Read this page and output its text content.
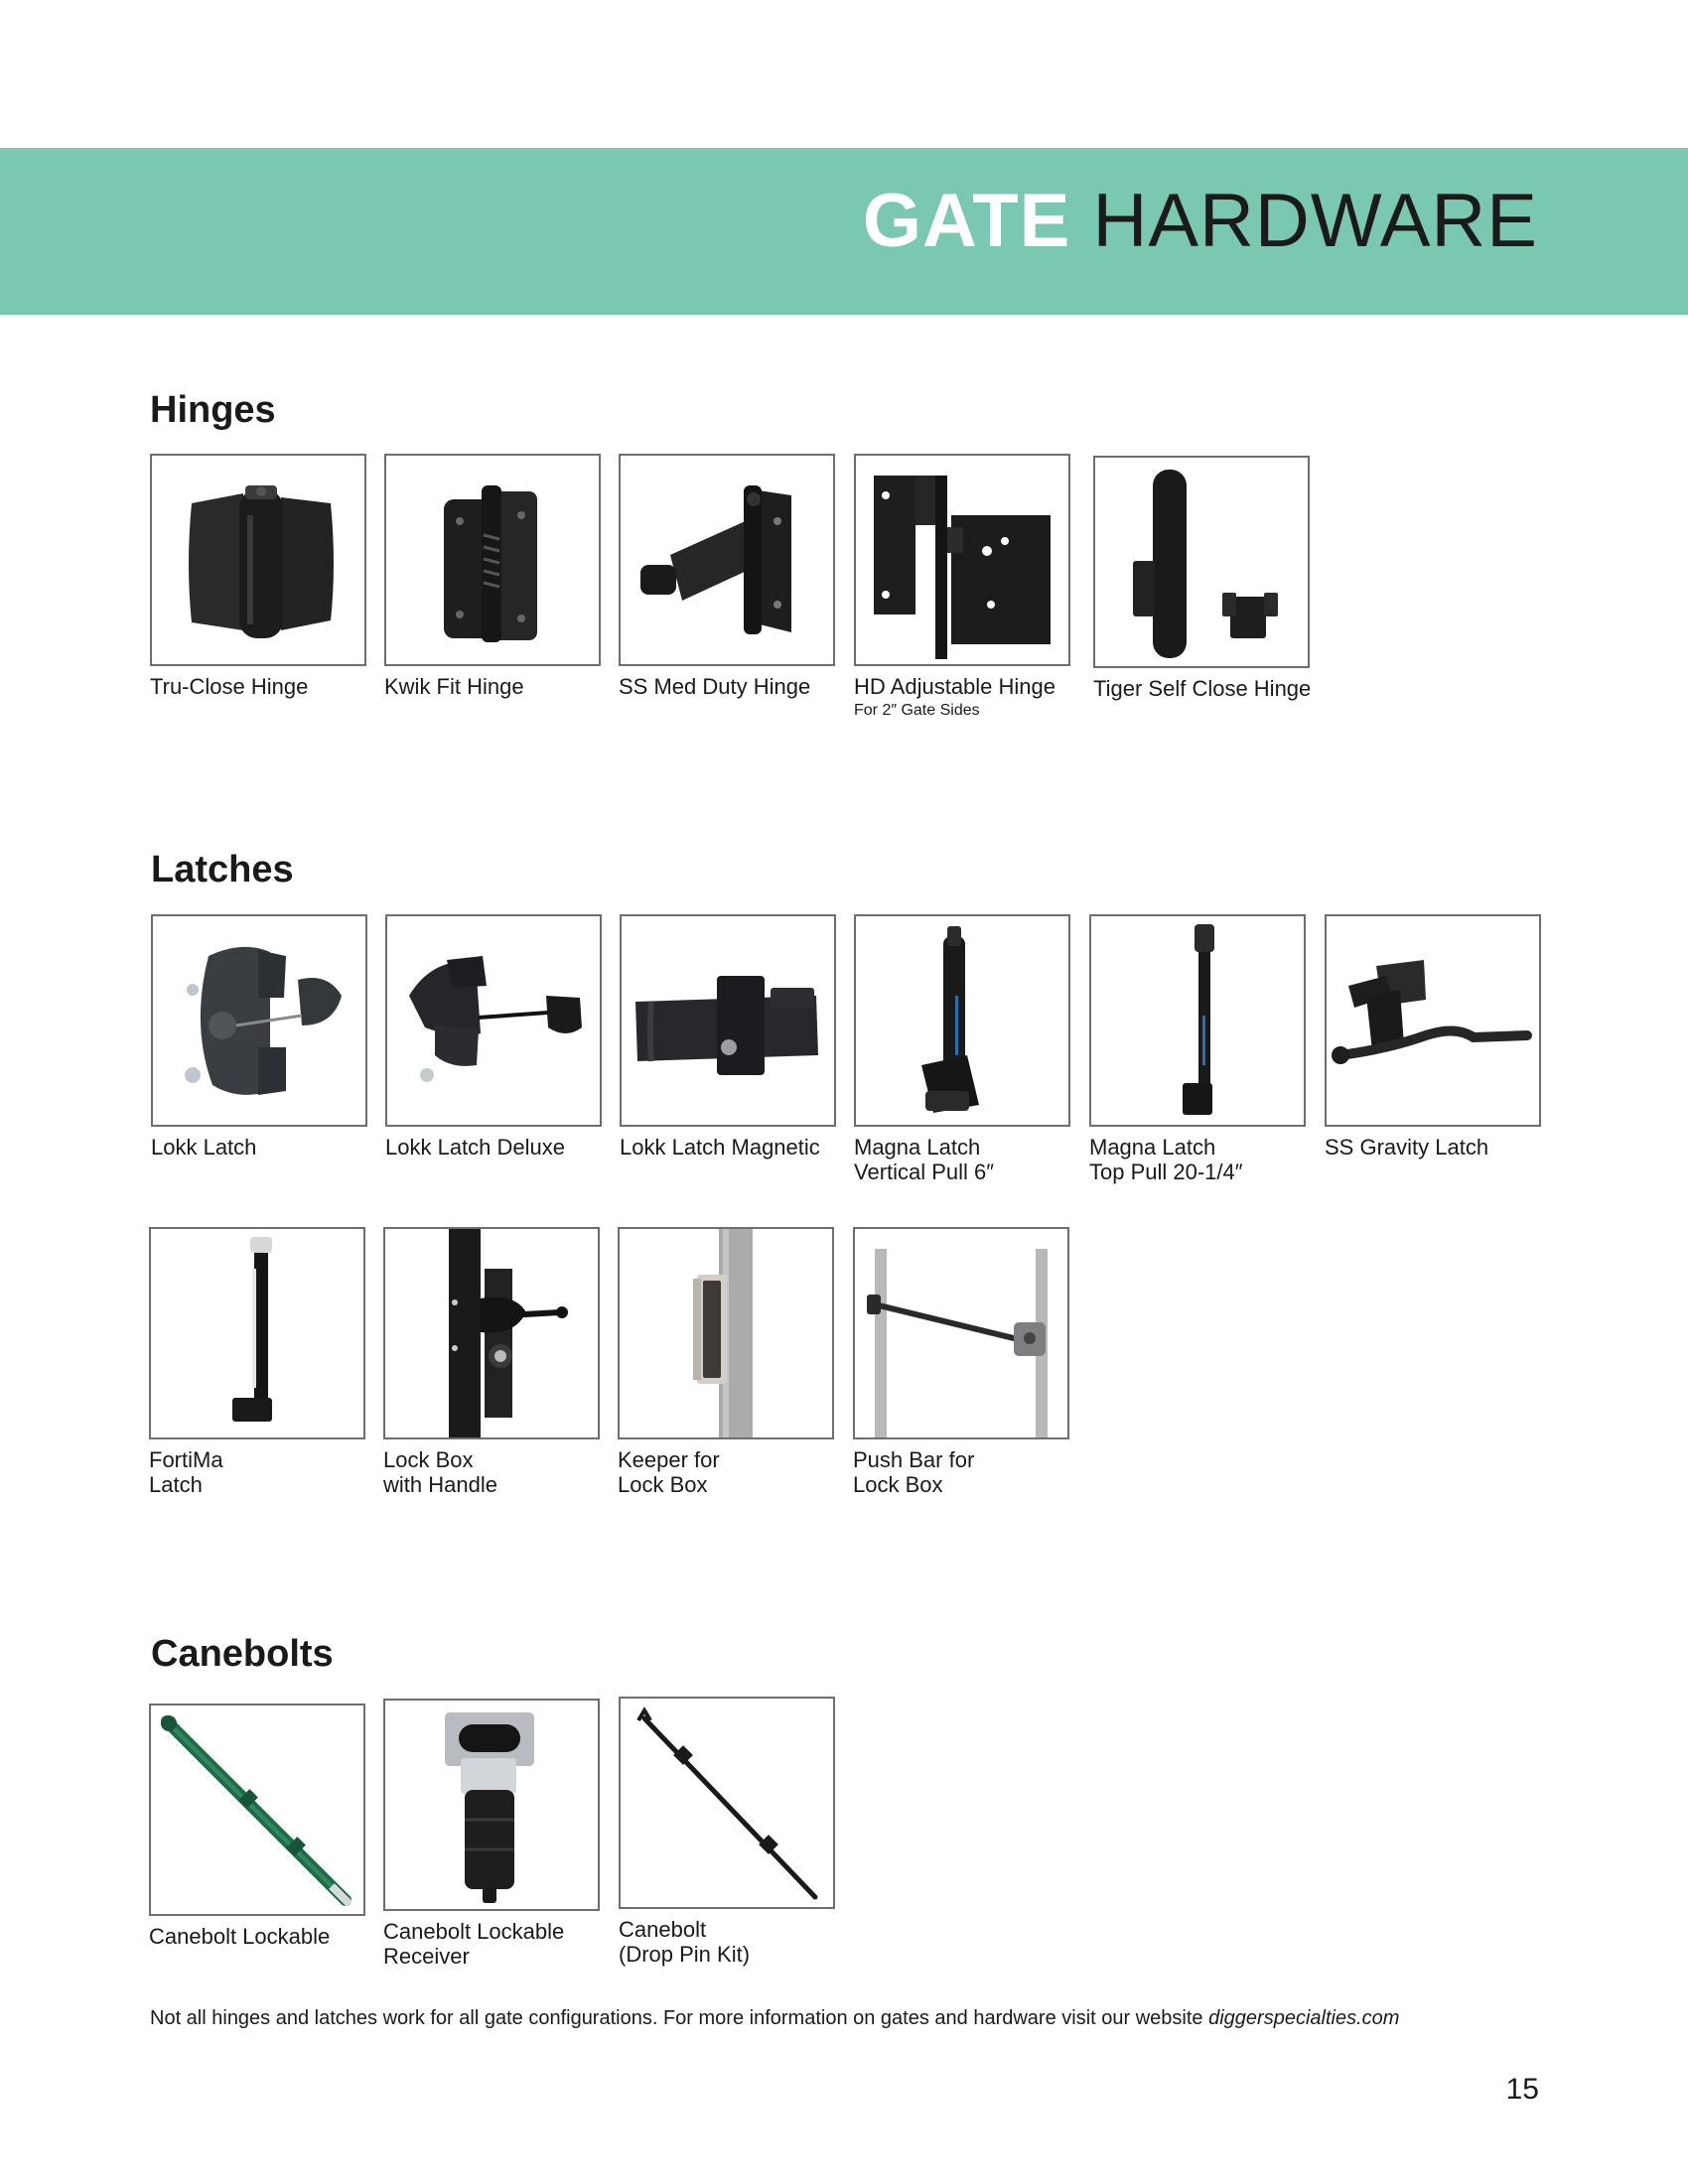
GATE HARDWARE
Hinges
Tru-Close Hinge	Kwik Fit Hinge	SS Med Duty Hinge	HD Adjustable Hinge
For 2″ Gate Sides
Tiger Self Close Hinge
Latches
Lokk Latch	Lokk Latch Deluxe	Lokk Latch Magnetic	Magna Latch
Vertical Pull 6″
Magna Latch
Top Pull 20-1/4″
SS Gravity Latch
FortiMa
Latch
Lock Box
with Handle
Keeper for
Lock Box
Push Bar for
Lock Box
Canebolts
Canebolt Lockable	Canebolt Lockable
Receiver
Canebolt
(Drop Pin Kit)
Not all hinges and latches work for all gate configurations. For more information on gates and hardware visit our website diggerspecialties.com
15
